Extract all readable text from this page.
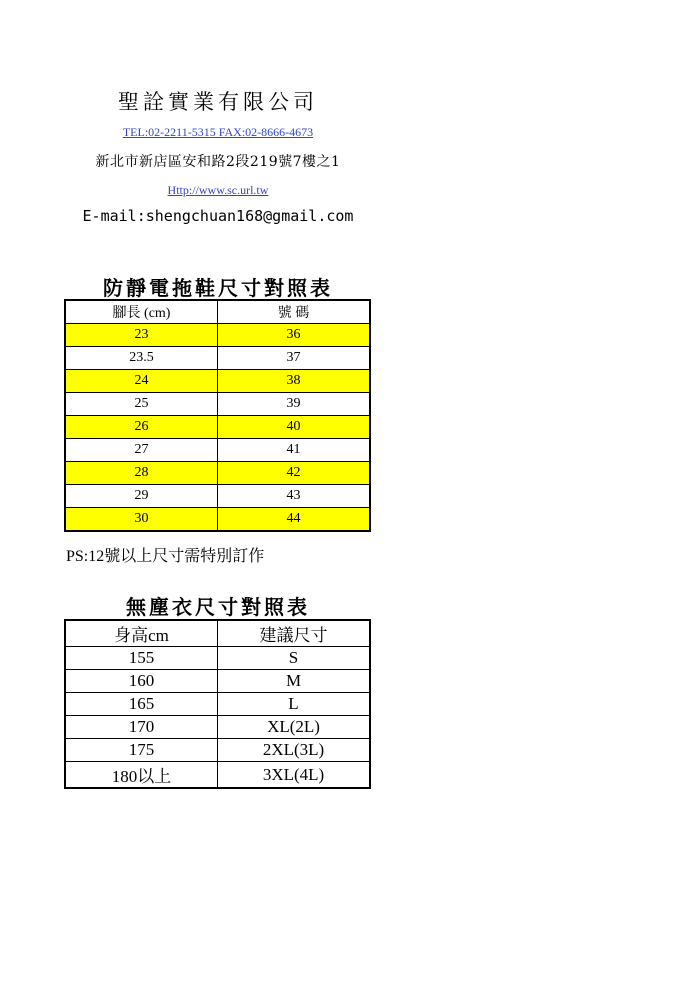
聖詮實業有限公司
TEL:02-2211-5315 FAX:02-8666-4673
新北市新店區安和路2段219號7樓之1
Http://www.sc.url.tw
E-mail:shengchuan168@gmail.com
防靜電拖鞋尺寸對照表
腳長 (cm)	號 碼
23	36
23.5	37
24	38
25	39
26	40
27	41
28	42
29	43
30	44
PS:12號以上尺寸需特別訂作
無塵衣尺寸對照表
身高cm	建議尺寸
155	S
160	M
165	L
170	XL(2L)
175	2XL(3L)
180以上	3XL(4L)
